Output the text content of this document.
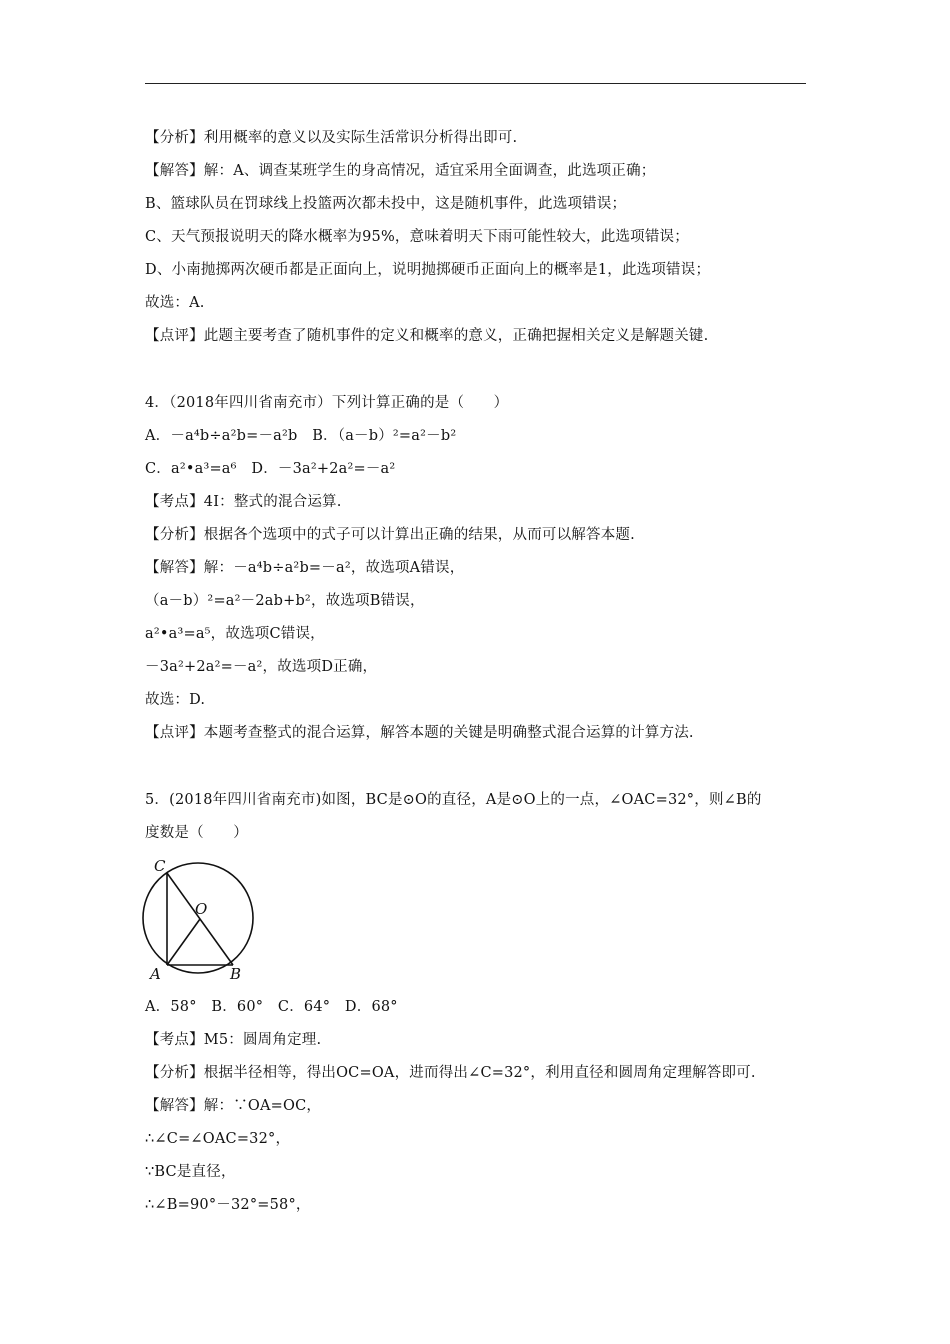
【分析】利用概率的意义以及实际生活常识分析得出即可.
【解答】解：A、调查某班学生的身高情况，适宜采用全面调查，此选项正确；
B、篮球队员在罚球线上投篮两次都未投中，这是随机事件，此选项错误；
C、天气预报说明天的降水概率为95%，意味着明天下雨可能性较大，此选项错误；
D、小南抛掷两次硬币都是正面向上，说明抛掷硬币正面向上的概率是1，此选项错误；
故选：A.
【点评】此题主要考查了随机事件的定义和概率的意义，正确把握相关定义是解题关键.
4．（2018年四川省南充市）下列计算正确的是（　　）
A．－a⁴b÷a²b=－a²b　B．（a－b）²=a²－b²
C．a²•a³=a⁶　D．－3a²+2a²=－a²
【考点】4I：整式的混合运算.
【分析】根据各个选项中的式子可以计算出正确的结果，从而可以解答本题.
【解答】解：－a⁴b÷a²b=－a²，故选项A错误，
（a－b）²=a²－2ab+b²，故选项B错误，
a²•a³=a⁵，故选项C错误，
－3a²+2a²=－a²，故选项D正确，
故选：D.
【点评】本题考查整式的混合运算，解答本题的关键是明确整式混合运算的计算方法.
5．(2018年四川省南充市)如图，BC是⊙O的直径，A是⊙O上的一点，∠OAC=32°，则∠B的
度数是（　　）
C
O
A	B
A．58°　B．60°　C．64°　D．68°
【考点】M5：圆周角定理.
【分析】根据半径相等，得出OC=OA，进而得出∠C=32°，利用直径和圆周角定理解答即可.
【解答】解：∵OA=OC，
∴∠C=∠OAC=32°，
∵BC是直径，
∴∠B=90°－32°=58°，
